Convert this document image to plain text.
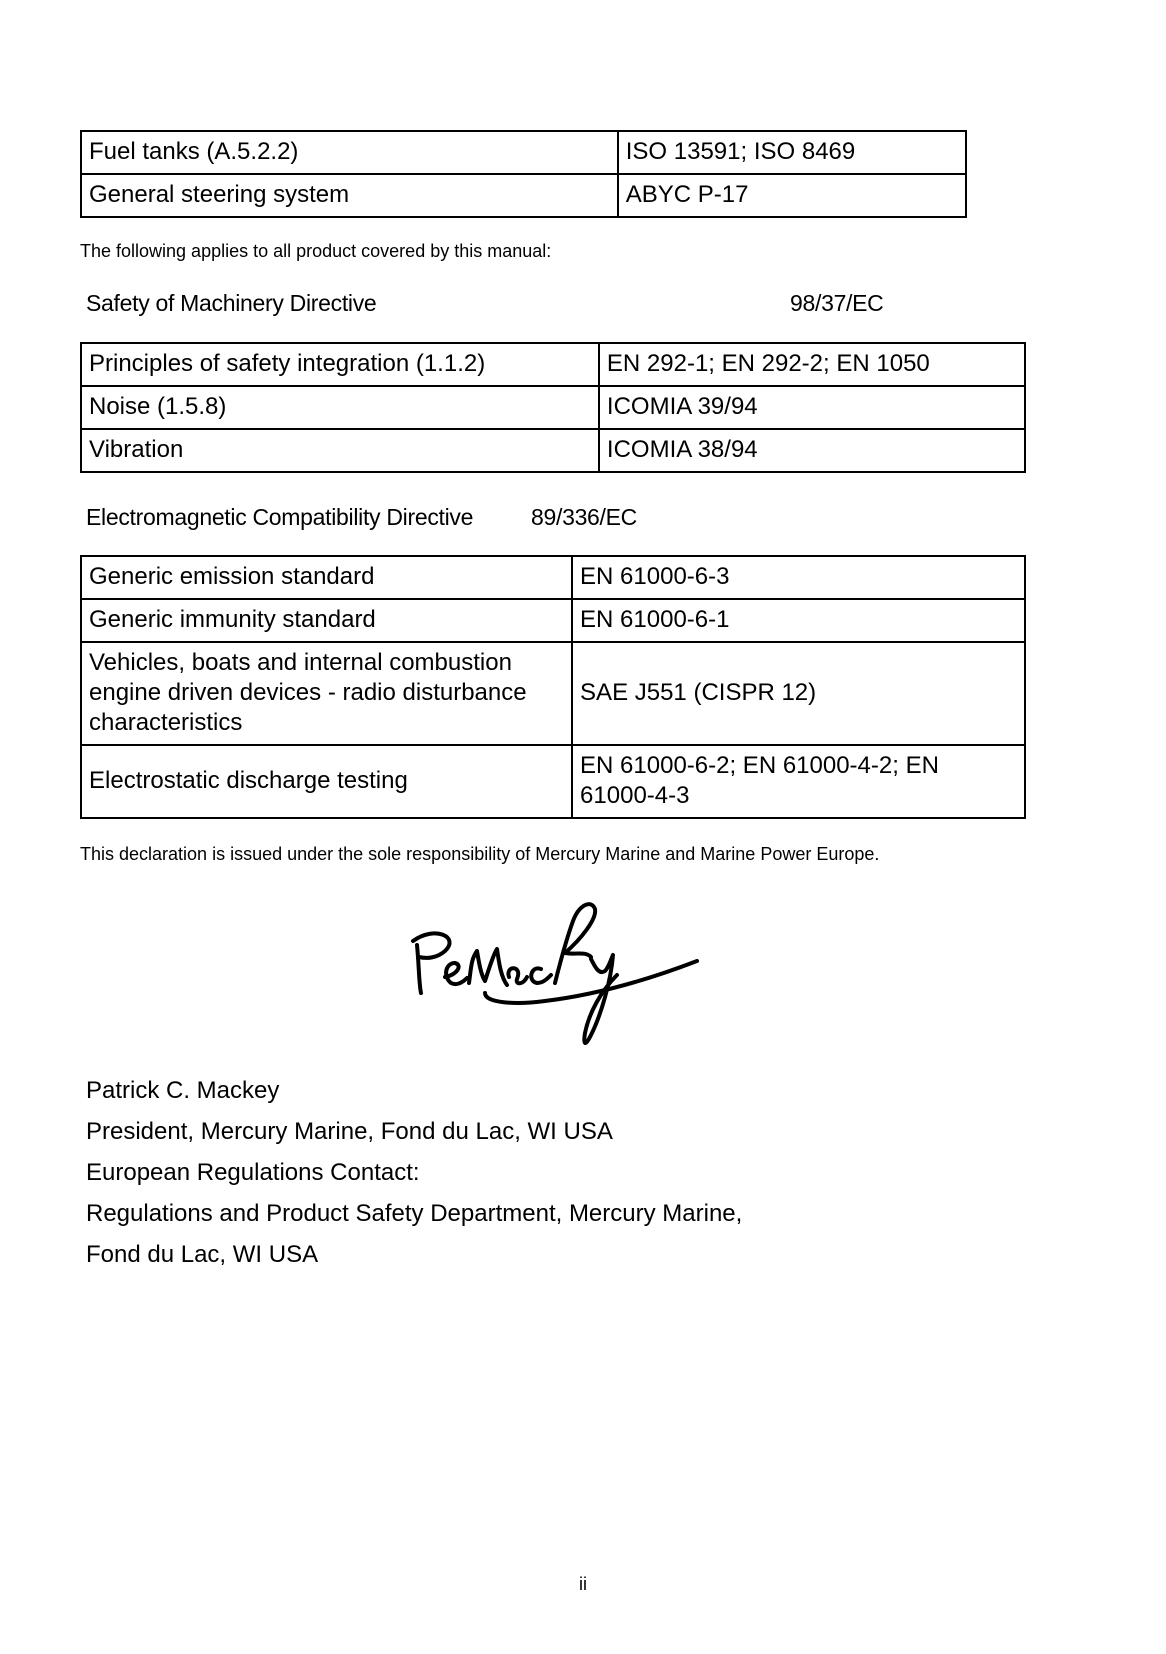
Fuel tanks (A.5.2.2)	ISO 13591; ISO 8469
General steering system	ABYC P-17
The following applies to all product covered by this manual:
Safety of Machinery Directive	98/37/EC
Principles of safety integration (1.1.2)	EN 292-1; EN 292-2; EN 1050
Noise (1.5.8)	ICOMIA 39/94
Vibration	ICOMIA 38/94
Electromagnetic Compatibility Directive	89/336/EC
Generic emission standard	EN 61000-6-3
Generic immunity standard	EN 61000-6-1
Vehicles, boats and internal combustion engine driven devices - radio disturbance characteristics	SAE J551 (CISPR 12)
Electrostatic discharge testing	EN 61000-6-2; EN 61000-4-2; EN 61000-4-3
This declaration is issued under the sole responsibility of Mercury Marine and Marine Power Europe.
Patrick C. Mackey
President, Mercury Marine, Fond du Lac, WI USA
European Regulations Contact:
Regulations and Product Safety Department, Mercury Marine,
Fond du Lac, WI USA
ii
